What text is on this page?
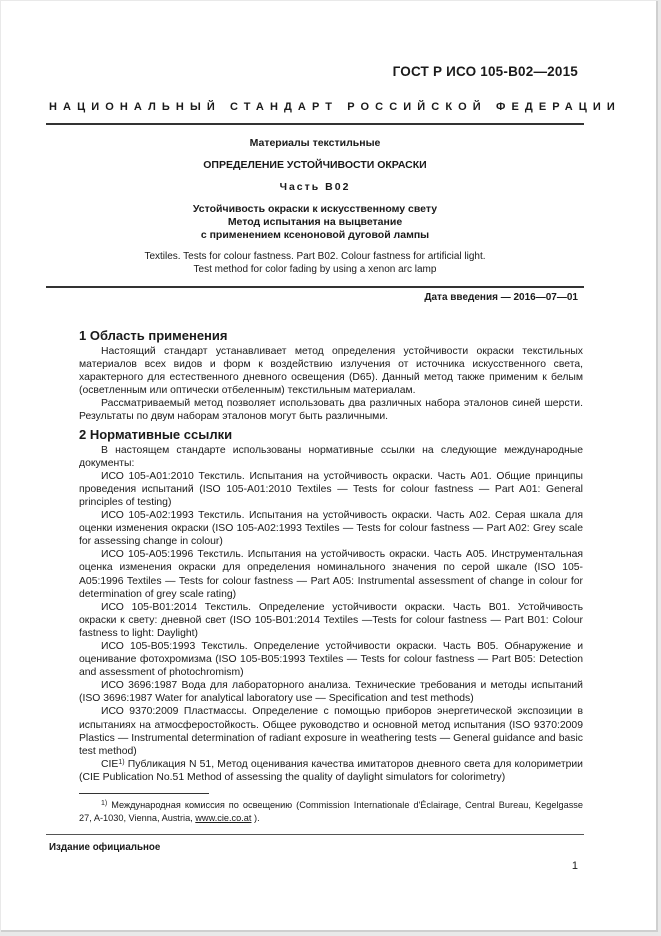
ГОСТ Р ИСО 105-В02—2015
НАЦИОНАЛЬНЫЙ СТАНДАРТ РОССИЙСКОЙ ФЕДЕРАЦИИ
Материалы текстильные
ОПРЕДЕЛЕНИЕ УСТОЙЧИВОСТИ ОКРАСКИ
Часть В02
Устойчивость окраски к искусственному свету
Метод испытания на выцветание
с применением ксеноновой дуговой лампы
Textiles. Tests for colour fastness. Part B02. Colour fastness for artificial light.
Test method for color fading by using a xenon arc lamp
Дата введения — 2016—07—01
1 Область применения

Настоящий стандарт устанавливает метод определения устойчивости окраски текстильных материалов всех видов и форм к воздействию излучения от источника искусственного света, характерного для естественного дневного освещения (D65). Данный метод также применим к белым (осветленным или оптически отбеленным) текстильным материалам.

Рассматриваемый метод позволяет использовать два различных набора эталонов синей шерсти. Результаты по двум наборам эталонов могут быть различными.

2 Нормативные ссылки

В настоящем стандарте использованы нормативные ссылки на следующие международные документы:

ИСО 105-А01:2010 Текстиль. Испытания на устойчивость окраски. Часть А01. Общие принципы проведения испытаний (ISO 105-A01:2010 Textiles — Tests for colour fastness — Part A01: General principles of testing)

ИСО 105-А02:1993 Текстиль. Испытания на устойчивость окраски. Часть А02. Серая шкала для оценки изменения окраски (ISO 105-A02:1993 Textiles — Tests for colour fastness — Part A02: Grey scale for assessing change in colour)

ИСО 105-А05:1996 Текстиль. Испытания на устойчивость окраски. Часть А05. Инструментальная оценка изменения окраски для определения номинального значения по серой шкале (ISO 105-A05:1996 Textiles — Tests for colour fastness — Part A05: Instrumental assessment of change in colour for determination of grey scale rating)

ИСО 105-В01:2014 Текстиль. Определение устойчивости окраски. Часть В01. Устойчивость окраски к свету: дневной свет (ISO 105-B01:2014 Textiles —Tests for colour fastness — Part B01: Colour fastness to light: Daylight)

ИСО 105-В05:1993 Текстиль. Определение устойчивости окраски. Часть В05. Обнаружение и оценивание фотохромизма (ISO 105-B05:1993 Textiles — Tests for colour fastness — Part B05: Detection and assessment of photochromism)

ИСО 3696:1987 Вода для лабораторного анализа. Технические требования и методы испытаний (ISO 3696:1987 Water for analytical laboratory use — Specification and test methods)

ИСО 9370:2009 Пластмассы. Определение с помощью приборов энергетической экспозиции в испытаниях на атмосферостойкость. Общее руководство и основной метод испытания (ISO 9370:2009 Plastics — Instrumental determination of radiant exposure in weathering tests — General guidance and basic test method)

CIE$^{1)}$ Публикация N 51, Метод оценивания качества имитаторов дневного света для колориметрии (CIE Publication No.51 Method of assessing the quality of daylight simulators for colorimetry)

$^{1)}$ Международная комиссия по освещению (Commission Internationale d'Éclairage, Central Bureau, Kegelgasse 27, A-1030, Vienna, Austria, www.cie.co.at ).
Издание официальное
1
